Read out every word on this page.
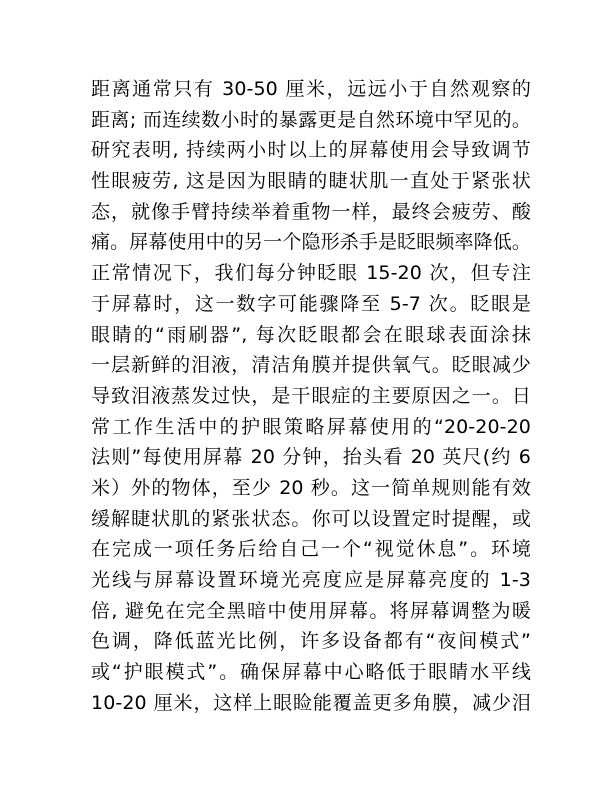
距离通常只有 30-50 厘米，远远小于自然观察的
距离; 而连续数小时的暴露更是自然环境中罕见的。
研究表明, 持续两小时以上的屏幕使用会导致调节
性眼疲劳, 这是因为眼睛的睫状肌一直处于紧张状
态，就像手臂持续举着重物一样，最终会疲劳、酸
痛。屏幕使用中的另一个隐形杀手是眨眼频率降低。
正常情况下，我们每分钟眨眼 15-20 次，但专注
于屏幕时，这一数字可能骤降至 5-7 次。眨眼是
眼睛的“雨刷器”, 每次眨眼都会在眼球表面涂抹
一层新鲜的泪液，清洁角膜并提供氧气。眨眼减少
导致泪液蒸发过快，是干眼症的主要原因之一。日
常工作生活中的护眼策略屏幕使用的“20-20-20
法则”每使用屏幕 20 分钟，抬头看 20 英尺(约 6
米）外的物体，至少 20 秒。这一简单规则能有效
缓解睫状肌的紧张状态。你可以设置定时提醒，或
在完成一项任务后给自己一个“视觉休息”。环境
光线与屏幕设置环境光亮度应是屏幕亮度的 1-3
倍, 避免在完全黑暗中使用屏幕。将屏幕调整为暖
色调，降低蓝光比例，许多设备都有“夜间模式”
或“护眼模式”。确保屏幕中心略低于眼睛水平线
10-20 厘米，这样上眼睑能覆盖更多角膜，减少泪
